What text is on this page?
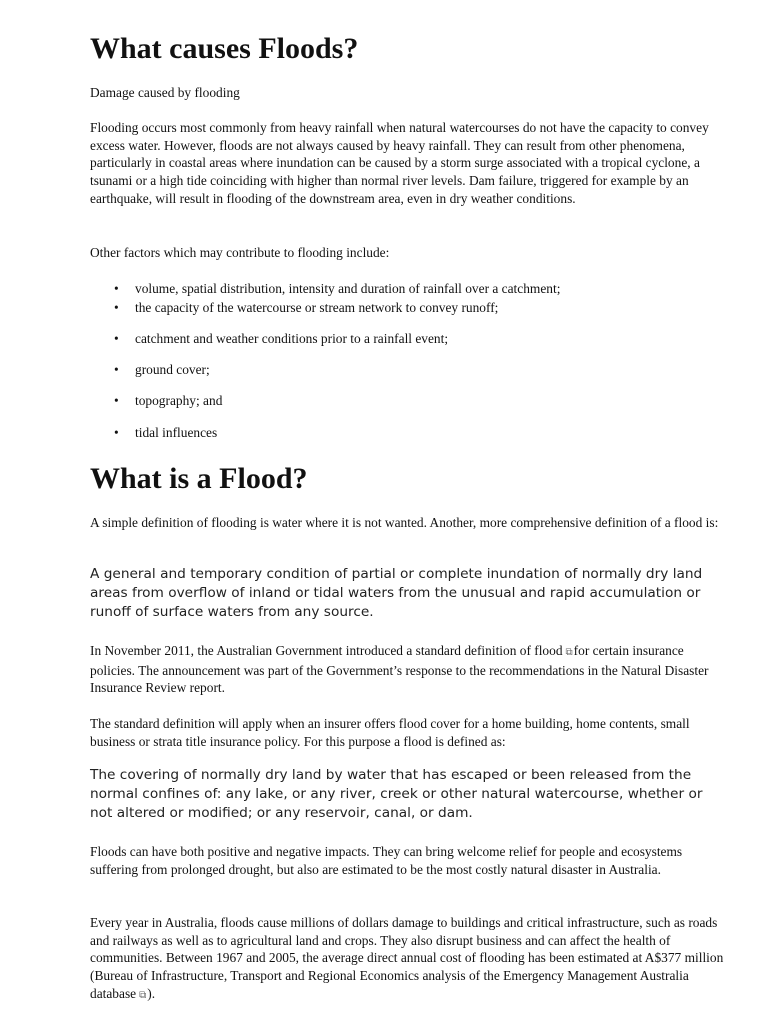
What causes Floods?

Damage caused by flooding

Flooding occurs most commonly from heavy rainfall when natural watercourses do not have the capacity to convey excess water. However, floods are not always caused by heavy rainfall. They can result from other phenomena, particularly in coastal areas where inundation can be caused by a storm surge associated with a tropical cyclone, a tsunami or a high tide coinciding with higher than normal river levels. Dam failure, triggered for example by an earthquake, will result in flooding of the downstream area, even in dry weather conditions.

Other factors which may contribute to flooding include:

• volume, spatial distribution, intensity and duration of rainfall over a catchment;
• the capacity of the watercourse or stream network to convey runoff;
• catchment and weather conditions prior to a rainfall event;
• ground cover;
• topography; and
• tidal influences
What is a Flood?

A simple definition of flooding is water where it is not wanted. Another, more comprehensive definition of a flood is:

A general and temporary condition of partial or complete inundation of normally dry land areas from overflow of inland or tidal waters from the unusual and rapid accumulation or runoff of surface waters from any source.

In November 2011, the Australian Government introduced a standard definition of flood ⧉for certain insurance policies. The announcement was part of the Government’s response to the recommendations in the Natural Disaster Insurance Review report.

The standard definition will apply when an insurer offers flood cover for a home building, home contents, small business or strata title insurance policy. For this purpose a flood is defined as:

The covering of normally dry land by water that has escaped or been released from the normal confines of: any lake, or any river, creek or other natural watercourse, whether or not altered or modified; or any reservoir, canal, or dam.

Floods can have both positive and negative impacts. They can bring welcome relief for people and ecosystems suffering from prolonged drought, but also are estimated to be the most costly natural disaster in Australia.

Every year in Australia, floods cause millions of dollars damage to buildings and critical infrastructure, such as roads and railways as well as to agricultural land and crops. They also disrupt business and can affect the health of communities. Between 1967 and 2005, the average direct annual cost of flooding has been estimated at A$377 million (Bureau of Infrastructure, Transport and Regional Economics analysis of the Emergency Management Australia database ⧉).
